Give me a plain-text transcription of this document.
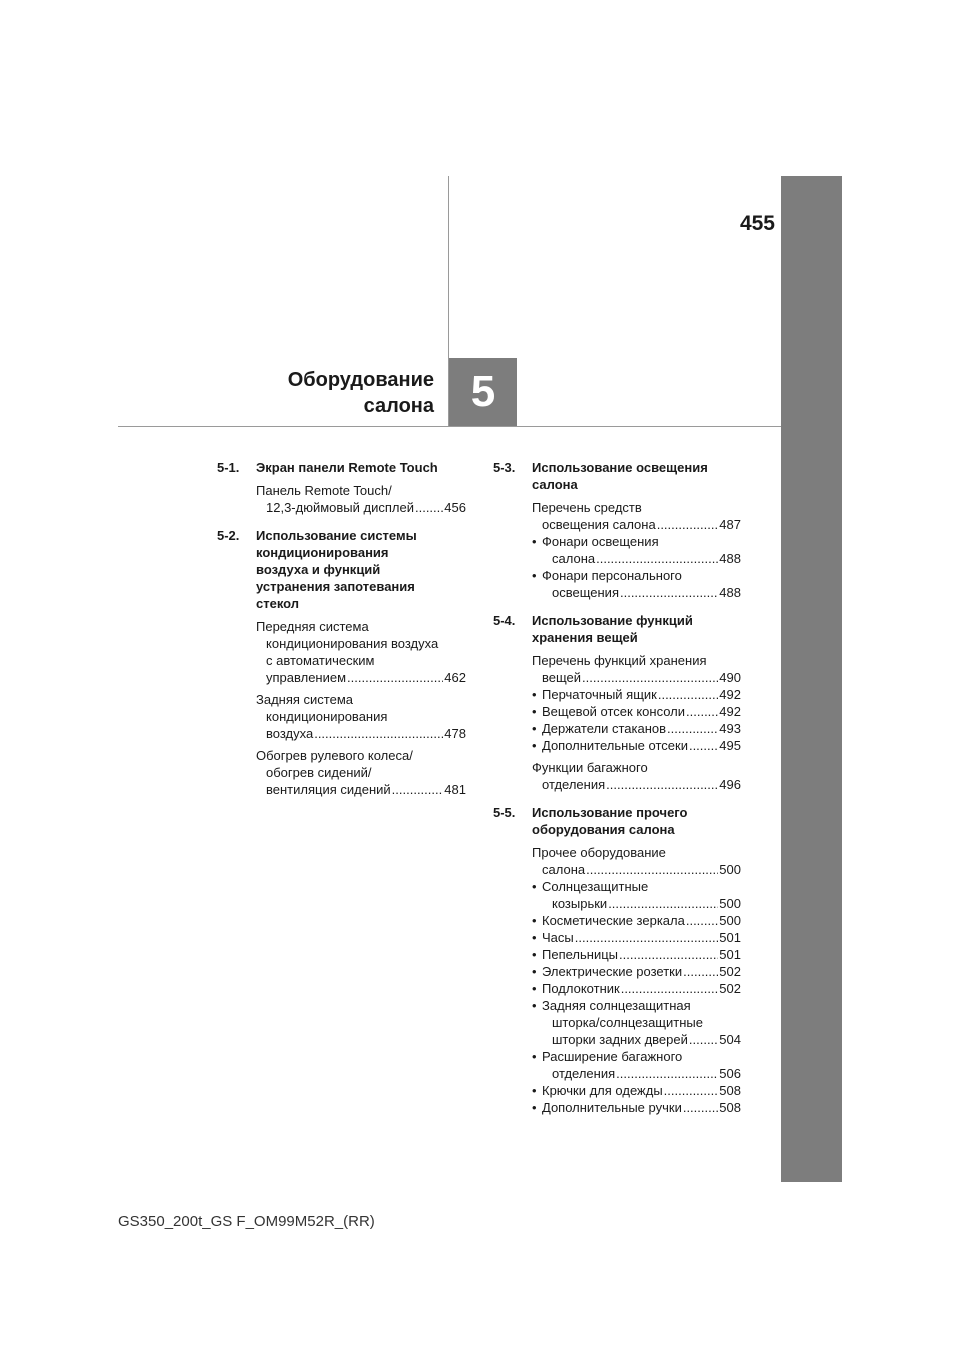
455
Оборудование
салона 5
5-1. Экран панели Remote Touch
Панель Remote Touch/
12,3-дюймовый дисплей ..... 456
5-2. Использование системы
кондиционирования
воздуха и функций
устранения запотевания
стекол
Передняя система
кондиционирования воздуха
с автоматическим
управлением .....	462
Задняя система
кондиционирования
воздуха .....	478
Обогрев рулевого колеса/
обогрев сидений/
вентиляция сидений .....	481
5-3. Использование освещения
салона
Перечень средств
освещения салона .....	487
• Фонари освещения
салона .....	488
• Фонари персонального
освещения .....	488
5-4. Использование функций
хранения вещей
Перечень функций хранения
вещей .....	490
• Перчаточный ящик .....	492
• Вещевой отсек консоли .....	492
• Держатели стаканов .....	493
• Дополнительные отсеки ..... 495
Функции багажного
отделения .....	496
5-5. Использование прочего
оборудования салона
Прочее оборудование
салона .....	500
• Солнцезащитные
козырьки .....	500
• Косметические зеркала .....	500
• Часы .....	501
• Пепельницы .....	501
• Электрические розетки .....	502
• Подлокотник .....	502
• Задняя солнцезащитная
шторка/солнцезащитные
шторки задних дверей ..... 504
• Расширение багажного
отделения .....	506
• Крючки для одежды .....	508
• Дополнительные ручки .....	508
GS350_200t_GS F_OM99M52R_(RR)
